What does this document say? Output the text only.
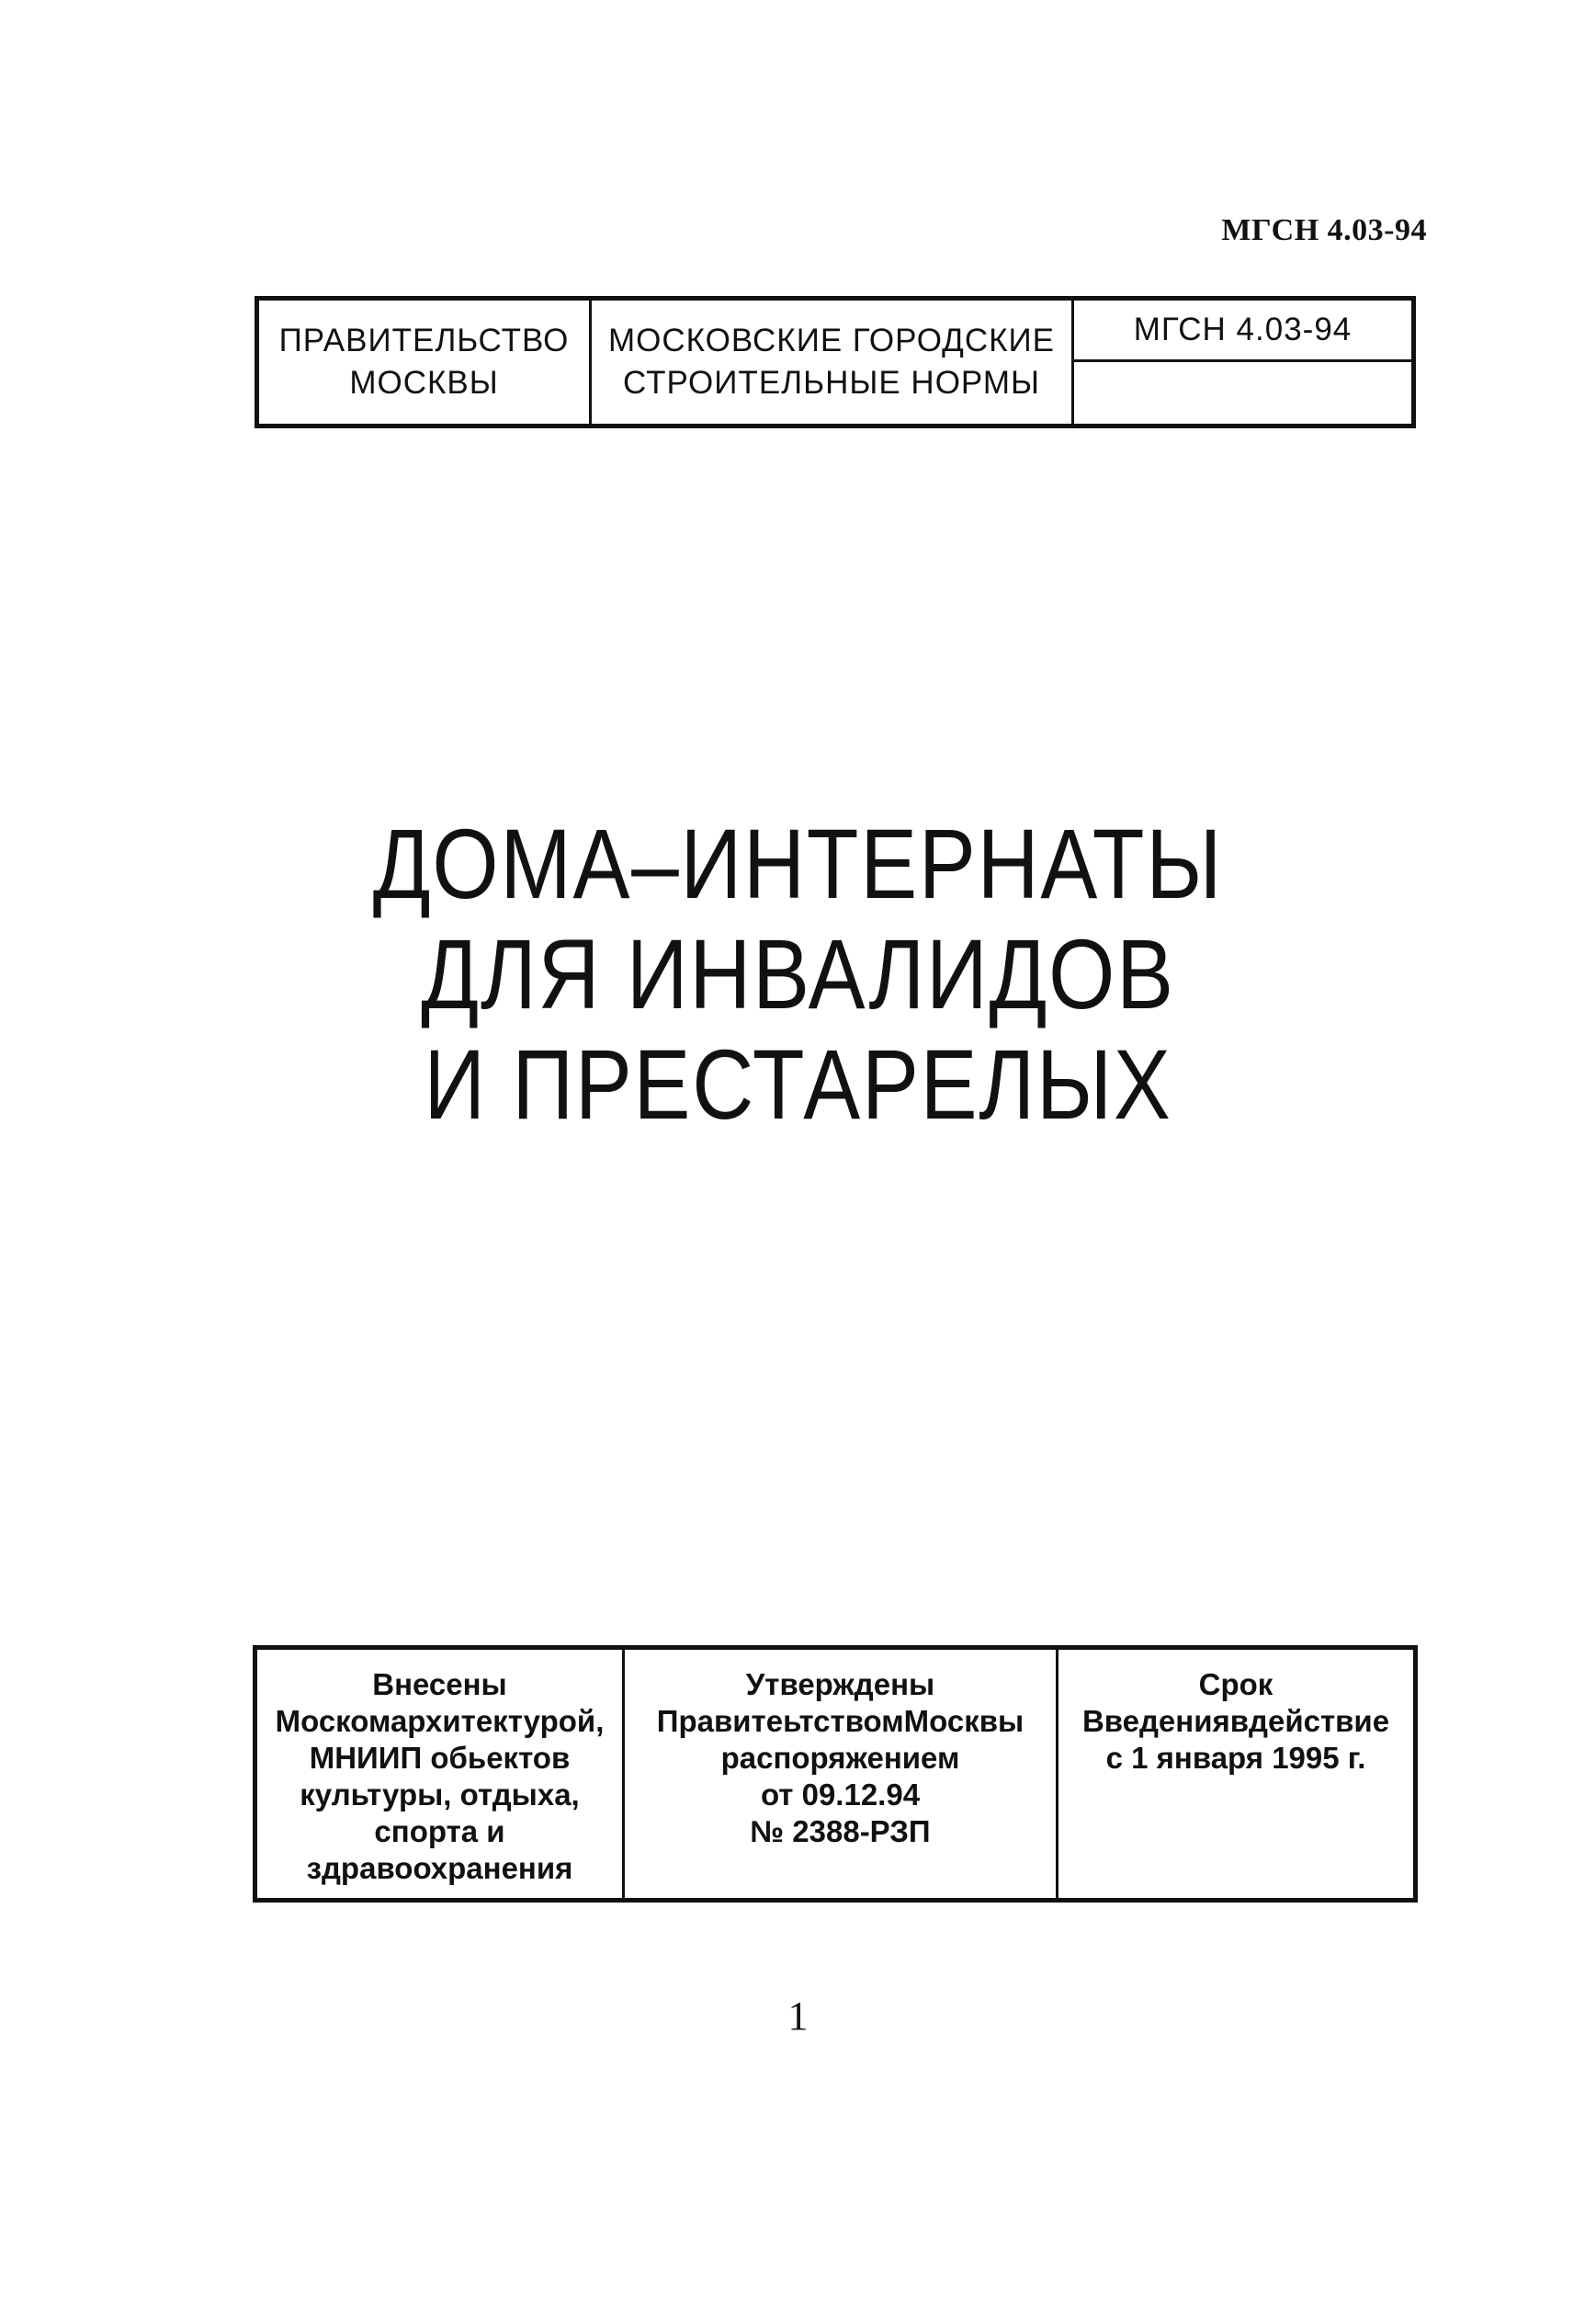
МГСН 4.03-94
ПРАВИТЕЛЬСТВО
МОСКВЫ
МОСКОВСКИЕ ГОРОДСКИЕ
СТРОИТЕЛЬНЫЕ НОРМЫ
МГСН 4.03-94
ДОМА–ИНТЕРНАТЫ
ДЛЯ ИНВАЛИДОВ
И ПРЕСТАРЕЛЫХ
Внесены
Москомархитектурой,
МНИИП обьектов
культуры, отдыха,
спорта и
здравоохранения
Утверждены
ПравитеьтствомМосквы
распоряжением
от 09.12.94
№ 2388-РЗП
Срок
Введениявдействие
с 1 января 1995 г.
1
